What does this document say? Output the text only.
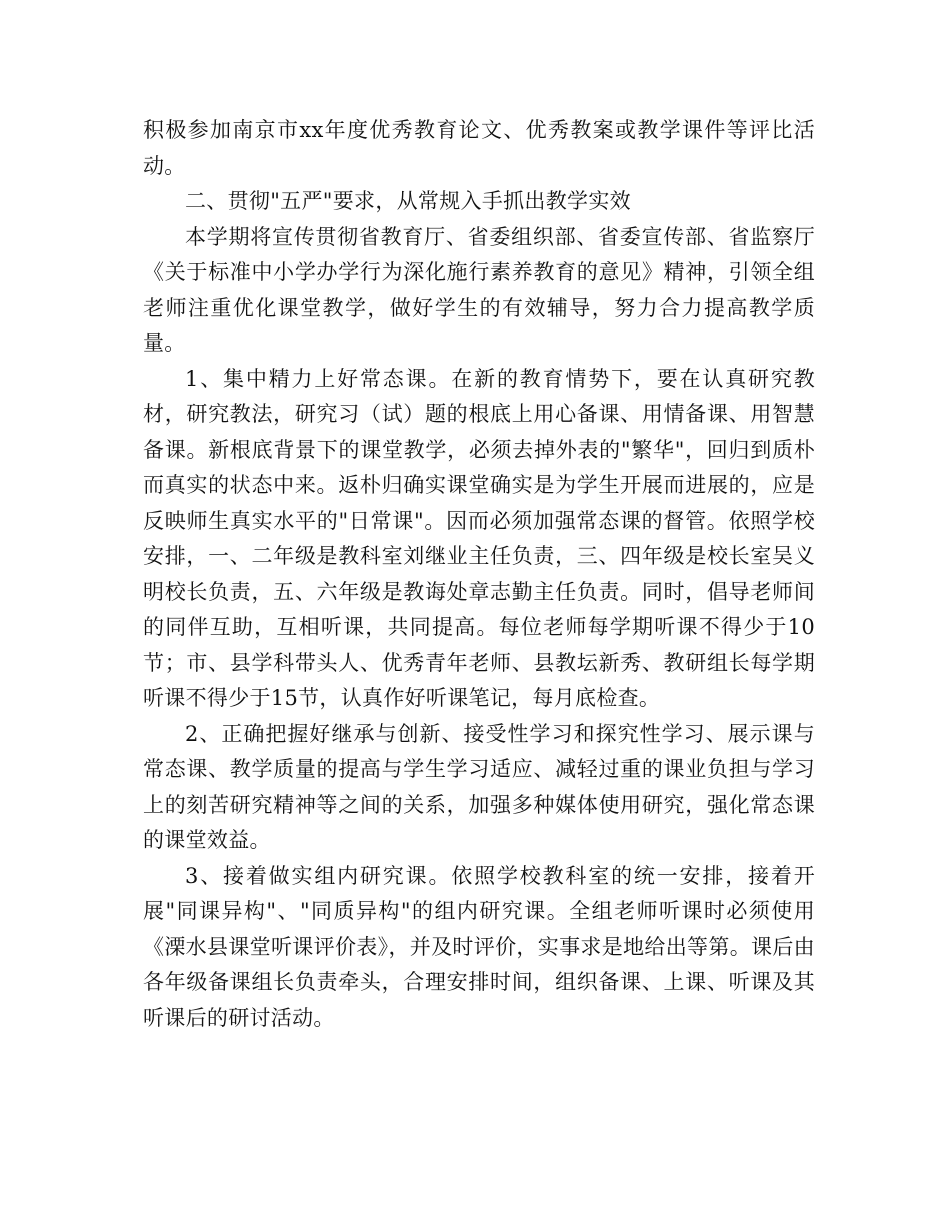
积极参加南京市xx年度优秀教育论文、优秀教案或教学课件等评比活动。

二、贯彻"五严"要求，从常规入手抓出教学实效

本学期将宣传贯彻省教育厅、省委组织部、省委宣传部、省监察厅《关于标准中小学办学行为深化施行素养教育的意见》精神，引领全组老师注重优化课堂教学，做好学生的有效辅导，努力合力提高教学质量。

1、集中精力上好常态课。在新的教育情势下，要在认真研究教材，研究教法，研究习（试）题的根底上用心备课、用情备课、用智慧备课。新根底背景下的课堂教学，必须去掉外表的"繁华"，回归到质朴而真实的状态中来。返朴归确实课堂确实是为学生开展而进展的，应是反映师生真实水平的"日常课"。因而必须加强常态课的督管。依照学校安排，一、二年级是教科室刘继业主任负责，三、四年级是校长室吴义明校长负责，五、六年级是教诲处章志勤主任负责。同时，倡导老师间的同伴互助，互相听课，共同提高。每位老师每学期听课不得少于10节；市、县学科带头人、优秀青年老师、县教坛新秀、教研组长每学期听课不得少于15节，认真作好听课笔记，每月底检查。

2、正确把握好继承与创新、接受性学习和探究性学习、展示课与常态课、教学质量的提高与学生学习适应、减轻过重的课业负担与学习上的刻苦研究精神等之间的关系，加强多种媒体使用研究，强化常态课的课堂效益。

3、接着做实组内研究课。依照学校教科室的统一安排，接着开展"同课异构"、"同质异构"的组内研究课。全组老师听课时必须使用《溧水县课堂听课评价表》，并及时评价，实事求是地给出等第。课后由各年级备课组长负责牵头，合理安排时间，组织备课、上课、听课及其听课后的研讨活动。
